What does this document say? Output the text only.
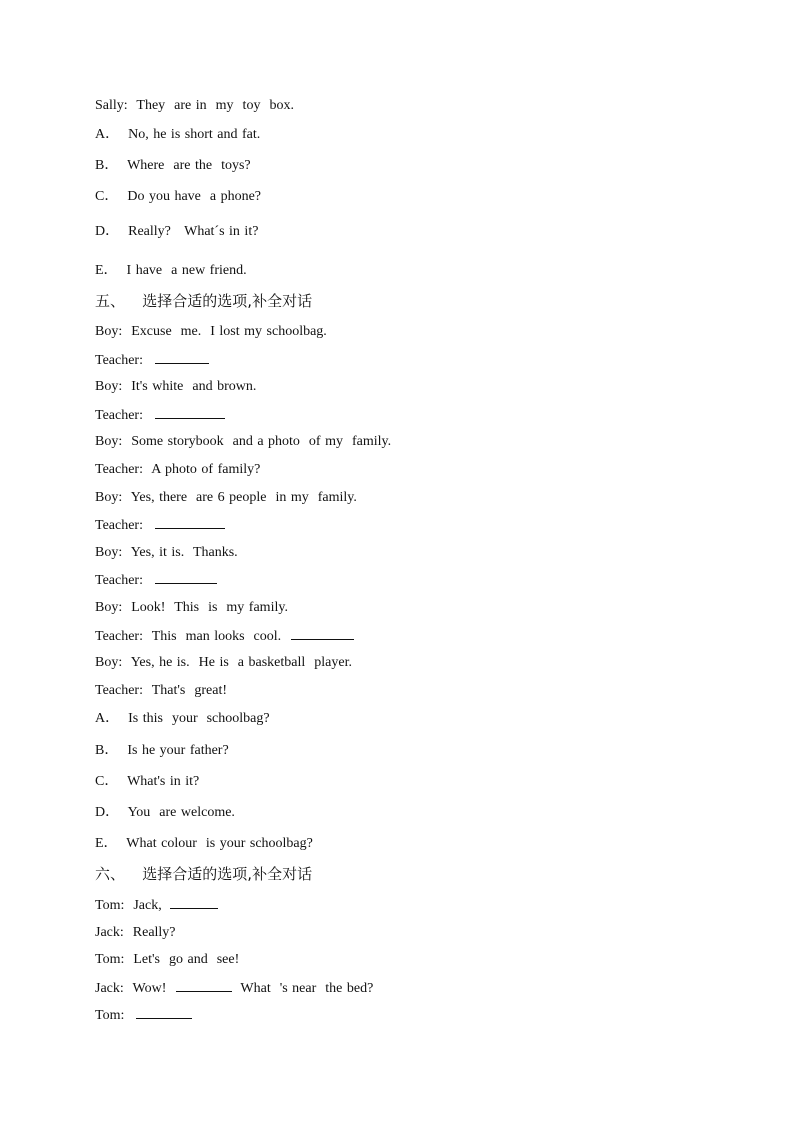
Sally:  They  are in  my  toy  box.
A．  No, he is short and fat.
B．  Where  are the  toys?
C．  Do you have  a phone?
D．  Really?   What´s in it?
E．  I have  a new friend.
五、   选择合适的选项,补全对话
Boy:  Excuse  me.  I lost my schoolbag.
Teacher:
Boy:  It's white  and brown.
Teacher:
Boy:  Some storybook  and a photo  of my  family.
Teacher:  A photo of family?
Boy:  Yes, there  are 6 people  in my  family.
Teacher:
Boy:  Yes, it is.  Thanks.
Teacher:
Boy:  Look!  This  is  my family.
Teacher:  This  man looks  cool.
Boy:  Yes, he is.  He is  a basketball  player.
Teacher:  That's  great!
A．  Is this  your  schoolbag?
B．  Is he your father?
C．  What's in it?
D．  You  are welcome.
E．  What colour  is your schoolbag?
六、   选择合适的选项,补全对话
Tom:  Jack,
Jack:  Really?
Tom:  Let's  go and  see!
Jack:  Wow!	What  's near  the bed?
Tom:
